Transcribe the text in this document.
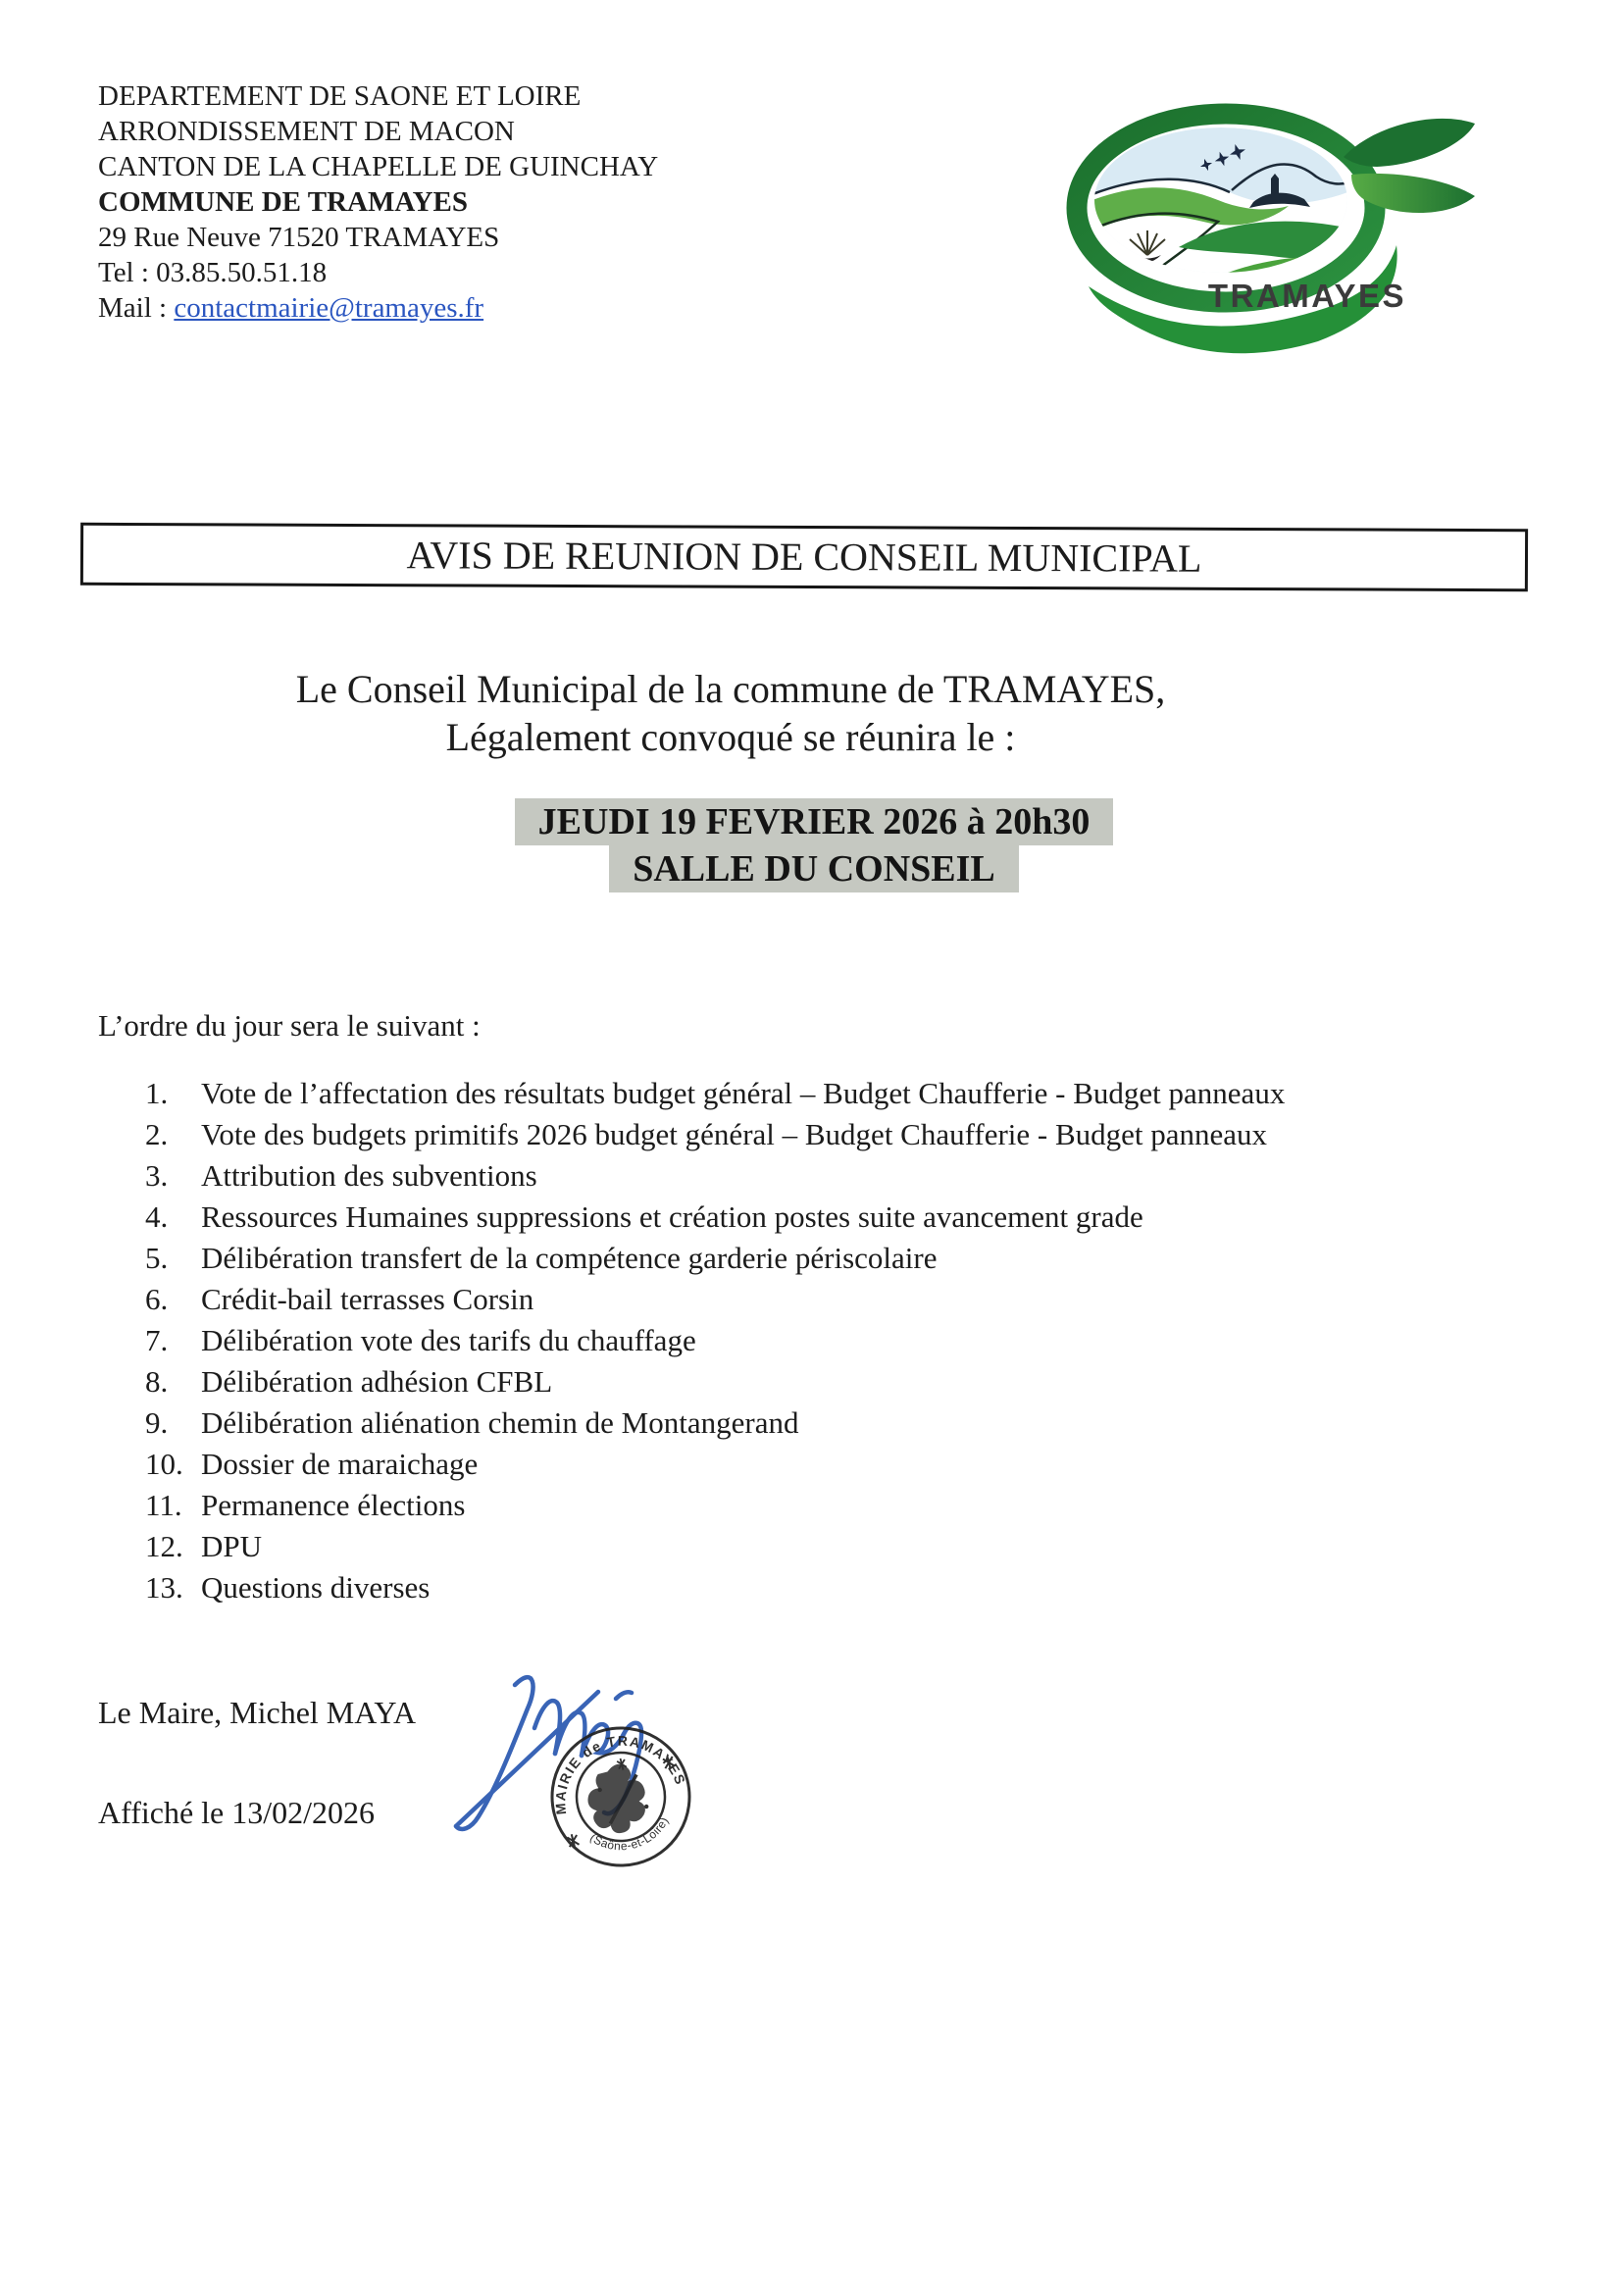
DEPARTEMENT DE SAONE ET LOIRE
ARRONDISSEMENT DE MACON
CANTON DE LA CHAPELLE DE GUINCHAY
COMMUNE DE TRAMAYES
29 Rue Neuve 71520 TRAMAYES
Tel : 03.85.50.51.18
Mail : contactmairie@tramayes.fr	TRAMAYES
AVIS DE REUNION DE CONSEIL MUNICIPAL
Le Conseil Municipal de la commune de TRAMAYES,
Légalement convoqué se réunira le :
JEUDI 19 FEVRIER 2026 à 20h30
SALLE DU CONSEIL
L’ordre du jour sera le suivant :
1.	Vote de l’affectation des résultats budget général – Budget Chaufferie - Budget panneaux
2.	Vote des budgets primitifs 2026 budget général – Budget Chaufferie - Budget panneaux
3.	Attribution des subventions
4.	Ressources Humaines suppressions et création postes suite avancement grade
5.	Délibération transfert de la compétence garderie périscolaire
6.	Crédit-bail terrasses Corsin
7.	Délibération vote des tarifs du chauffage
8.	Délibération adhésion CFBL
9.	Délibération aliénation chemin de Montangerand
10. Dossier de maraichage
11. Permanence élections
12. DPU
13. Questions diverses
Le Maire, Michel MAYA
Affiché le 13/02/2026	MAIRIE de TRAMAYES
(Saône-et-Loire)
